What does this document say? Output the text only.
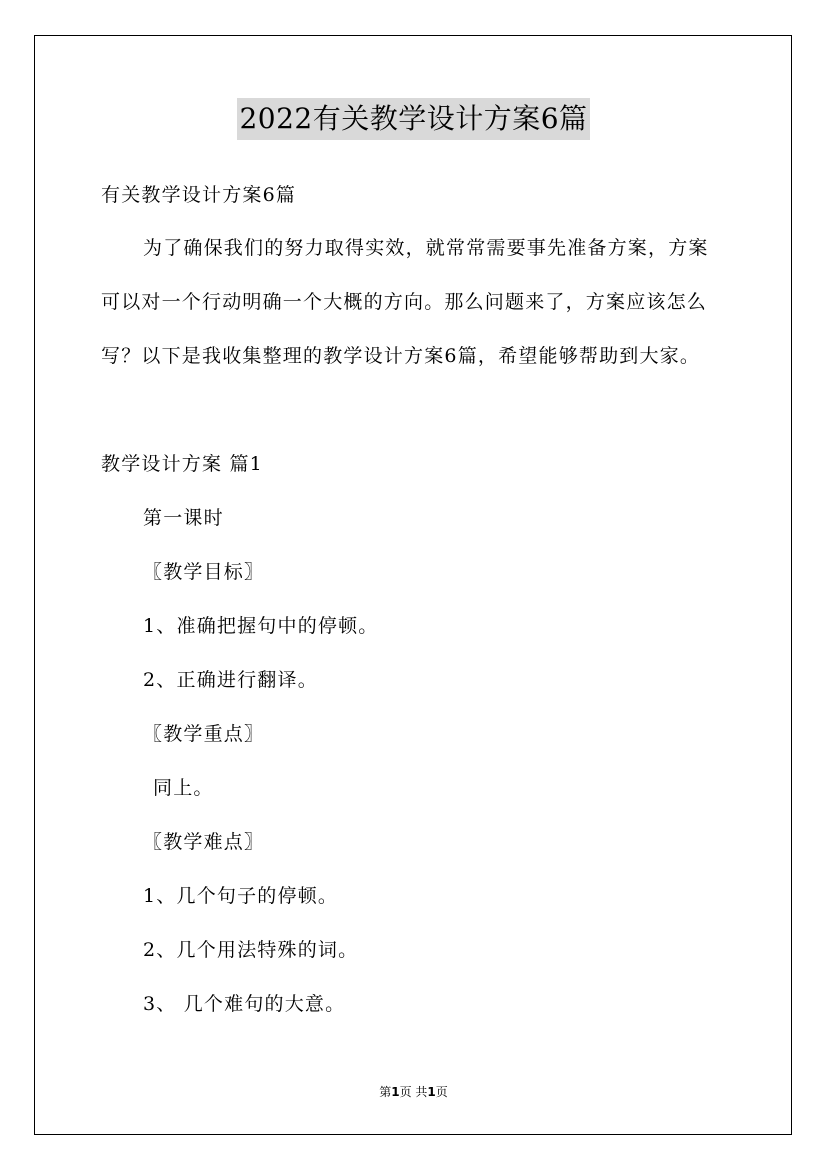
2022有关教学设计方案6篇
有关教学设计方案6篇
为了确保我们的努力取得实效，就常常需要事先准备方案，方案
可以对一个行动明确一个大概的方向。那么问题来了，方案应该怎么
写？以下是我收集整理的教学设计方案6篇，希望能够帮助到大家。
教学设计方案 篇1
第一课时
〖教学目标〗
1、准确把握句中的停顿。
2、正确进行翻译。
〖教学重点〗
同上。
〖教学难点〗
1、几个句子的停顿。
2、几个用法特殊的词。
3、 几个难句的大意。
第1页 共1页
